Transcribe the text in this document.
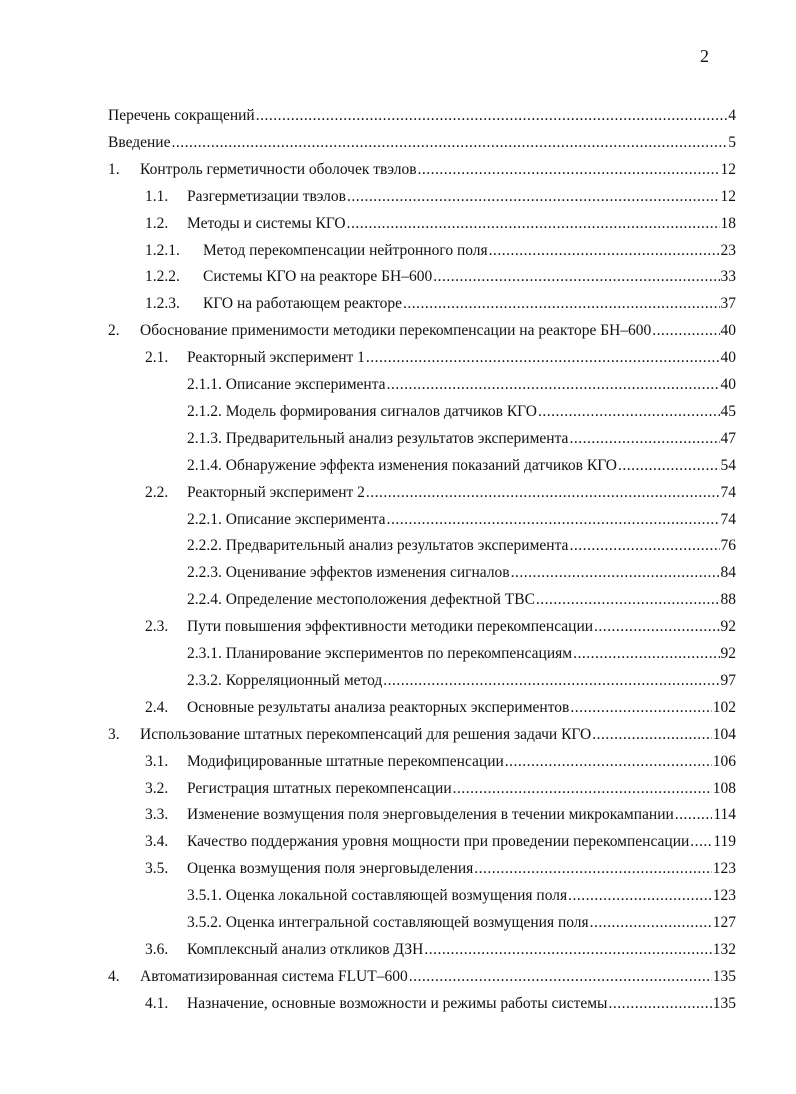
2
Перечень сокращений .....	4
Введение .....	5
1. Контроль герметичности оболочек твэлов .....	12
1.1. Разгерметизации твэлов .....	12
1.2. Методы и системы КГО .....	18
1.2.1. Метод перекомпенсации нейтронного поля .....	23
1.2.2. Системы КГО на реакторе БН–600 .....	33
1.2.3. КГО на работающем реакторе .....	37
2. Обоснование применимости методики перекомпенсации на реакторе БН–600 .....	40
2.1. Реакторный эксперимент 1 .....	40
2.1.1. Описание эксперимента .....	40
2.1.2. Модель формирования сигналов датчиков КГО .....	45
2.1.3. Предварительный анализ результатов эксперимента .....	47
2.1.4. Обнаружение эффекта изменения показаний датчиков КГО .....	54
2.2. Реакторный эксперимент 2 .....	74
2.2.1. Описание эксперимента .....	74
2.2.2. Предварительный анализ результатов эксперимента .....	76
2.2.3. Оценивание эффектов изменения сигналов .....	84
2.2.4. Определение местоположения дефектной ТВС .....	88
2.3. Пути повышения эффективности методики перекомпенсации .....	92
2.3.1. Планирование экспериментов по перекомпенсациям .....	92
2.3.2. Корреляционный метод .....	97
2.4. Основные результаты анализа реакторных экспериментов .....	102
3. Использование штатных перекомпенсаций для решения задачи КГО .....	104
3.1. Модифицированные штатные перекомпенсации .....	106
3.2. Регистрация штатных перекомпенсации .....	108
3.3. Изменение возмущения поля энерговыделения в течении микрокампании .....	114
3.4. Качество поддержания уровня мощности при проведении перекомпенсации ..... 119
3.5. Оценка возмущения поля энерговыделения .....	123
3.5.1. Оценка локальной составляющей возмущения поля .....	123
3.5.2. Оценка интегральной составляющей возмущения поля .....	127
3.6. Комплексный анализ откликов ДЗН .....	132
4. Автоматизированная система FLUT–600 .....	135
4.1. Назначение, основные возможности и режимы работы системы .....	135
